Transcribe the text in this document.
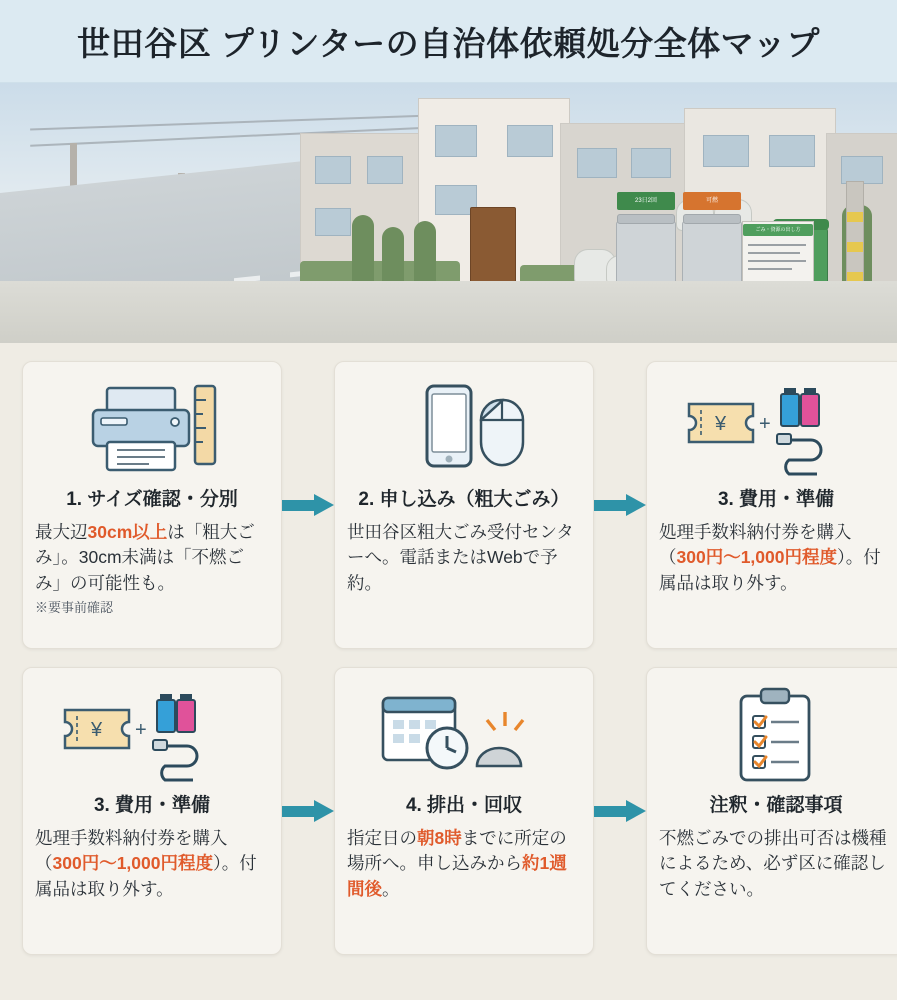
世田谷区 プリンターの自治体依頼処分全体マップ
23日2回	可燃
ごみ・資源の出し方
1. サイズ確認・分別
最大辺30cm以上は「粗大ごみ」。30cm未満は「不燃ごみ」の可能性も。
※要事前確認
2. 申し込み（粗大ごみ）
世田谷区粗大ごみ受付センターへ。電話またはWebで予約。
¥ +
3. 費用・準備
処理手数料納付券を購入（300円〜1,000円程度）。付属品は取り外す。
¥ +
3. 費用・準備
処理手数料納付券を購入（300円〜1,000円程度）。付属品は取り外す。
4. 排出・回収
指定日の朝8時までに所定の場所へ。申し込みから約1週間後。
注釈・確認事項
不燃ごみでの排出可否は機種によるため、必ず区に確認してください。
